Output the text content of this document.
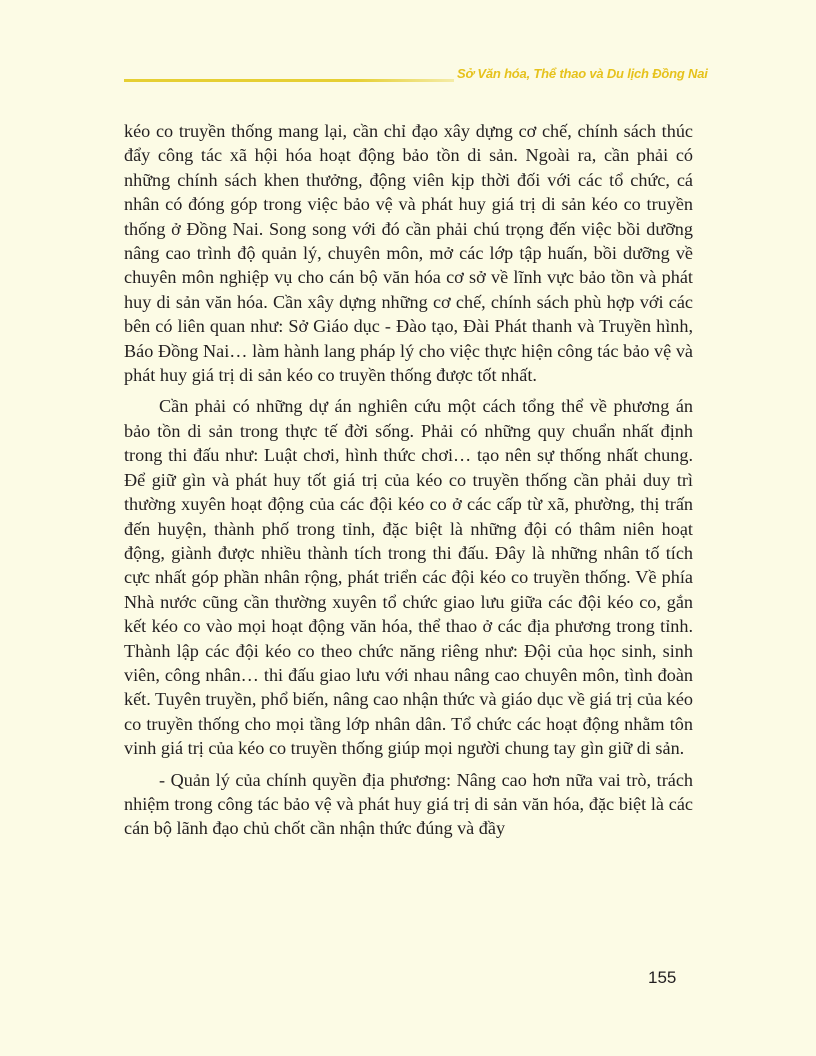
Sở Văn hóa, Thể thao và Du lịch Đồng Nai

kéo co truyền thống mang lại, cần chỉ đạo xây dựng cơ chế, chính sách thúc đẩy công tác xã hội hóa hoạt động bảo tồn di sản. Ngoài ra, cần phải có những chính sách khen thưởng, động viên kịp thời đối với các tổ chức, cá nhân có đóng góp trong việc bảo vệ và phát huy giá trị di sản kéo co truyền thống ở Đồng Nai. Song song với đó cần phải chú trọng đến việc bồi dưỡng nâng cao trình độ quản lý, chuyên môn, mở các lớp tập huấn, bồi dưỡng về chuyên môn nghiệp vụ cho cán bộ văn hóa cơ sở về lĩnh vực bảo tồn và phát huy di sản văn hóa. Cần xây dựng những cơ chế, chính sách phù hợp với các bên có liên quan như: Sở Giáo dục - Đào tạo, Đài Phát thanh và Truyền hình, Báo Đồng Nai… làm hành lang pháp lý cho việc thực hiện công tác bảo vệ và phát huy giá trị di sản kéo co truyền thống được tốt nhất.

Cần phải có những dự án nghiên cứu một cách tổng thể về phương án bảo tồn di sản trong thực tế đời sống. Phải có những quy chuẩn nhất định trong thi đấu như: Luật chơi, hình thức chơi… tạo nên sự thống nhất chung. Để giữ gìn và phát huy tốt giá trị của kéo co truyền thống cần phải duy trì thường xuyên hoạt động của các đội kéo co ở các cấp từ xã, phường, thị trấn đến huyện, thành phố trong tỉnh, đặc biệt là những đội có thâm niên hoạt động, giành được nhiều thành tích trong thi đấu. Đây là những nhân tố tích cực nhất góp phần nhân rộng, phát triển các đội kéo co truyền thống. Về phía Nhà nước cũng cần thường xuyên tổ chức giao lưu giữa các đội kéo co, gắn kết kéo co vào mọi hoạt động văn hóa, thể thao ở các địa phương trong tỉnh. Thành lập các đội kéo co theo chức năng riêng như: Đội của học sinh, sinh viên, công nhân… thi đấu giao lưu với nhau nâng cao chuyên môn, tình đoàn kết. Tuyên truyền, phổ biến, nâng cao nhận thức và giáo dục về giá trị của kéo co truyền thống cho mọi tầng lớp nhân dân. Tổ chức các hoạt động nhằm tôn vinh giá trị của kéo co truyền thống giúp mọi người chung tay gìn giữ di sản.

- Quản lý của chính quyền địa phương: Nâng cao hơn nữa vai trò, trách nhiệm trong công tác bảo vệ và phát huy giá trị di sản văn hóa, đặc biệt là các cán bộ lãnh đạo chủ chốt cần nhận thức đúng và đầy

155
